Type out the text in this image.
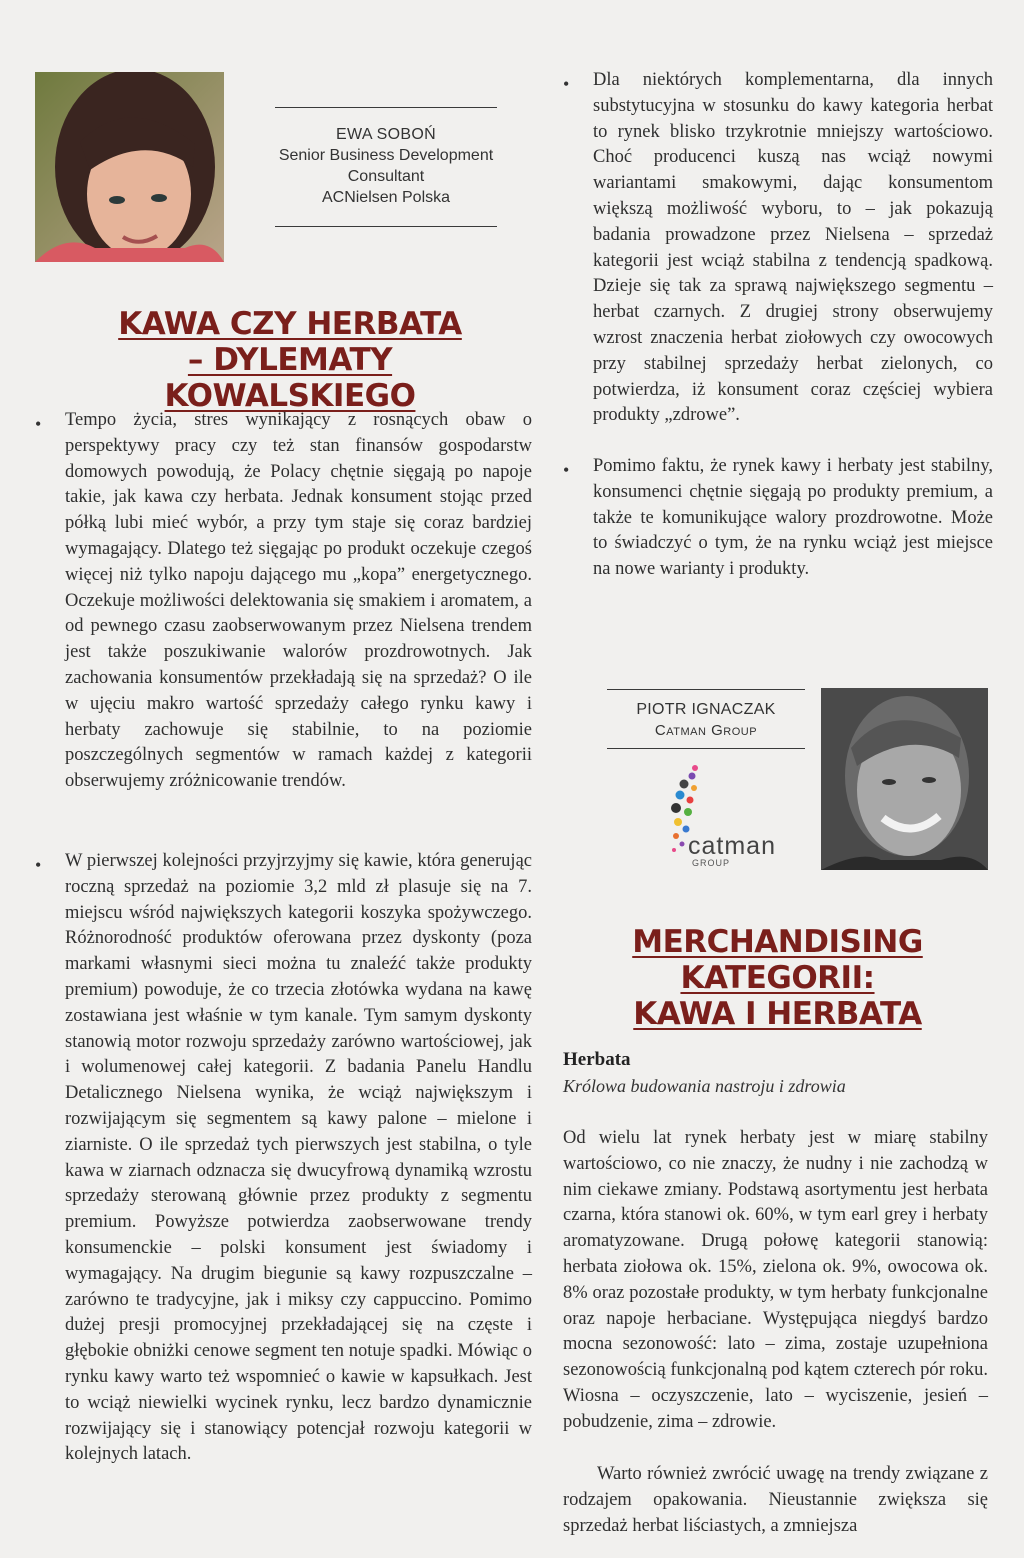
EWA SOBOŃ
Senior Business Development Consultant
ACNielsen Polska
KAWA CZY HERBATA
– DYLEMATY KOWALSKIEGO
• Tempo życia, stres wynikający z rosnących obaw o perspektywy pracy czy też stan finansów gospodarstw domowych powodują, że Polacy chętnie sięgają po napoje takie, jak kawa czy herbata. Jednak konsument stojąc przed półką lubi mieć wybór, a przy tym staje się coraz bardziej wymagający. Dlatego też sięgając po produkt oczekuje czegoś więcej niż tylko napoju dającego mu „kopa” energetycznego. Oczekuje możliwości delektowania się smakiem i aromatem, a od pewnego czasu zaobserwowanym przez Nielsena trendem jest także poszukiwanie walorów prozdrowotnych. Jak zachowania konsumentów przekładają się na sprzedaż? O ile w ujęciu makro wartość sprzedaży całego rynku kawy i herbaty zachowuje się stabilnie, to na poziomie poszczególnych segmentów w ramach każdej z kategorii obserwujemy zróżnicowanie trendów.
• W pierwszej kolejności przyjrzyjmy się kawie, która generując roczną sprzedaż na poziomie 3,2 mld zł plasuje się na 7. miejscu wśród największych kategorii koszyka spożywczego. Różnorodność produktów oferowana przez dyskonty (poza markami własnymi sieci można tu znaleźć także produkty premium) powoduje, że co trzecia złotówka wydana na kawę zostawiana jest właśnie w tym kanale. Tym samym dyskonty stanowią motor rozwoju sprzedaży zarówno wartościowej, jak i wolumenowej całej kategorii. Z badania Panelu Handlu Detalicznego Nielsena wynika, że wciąż największym i rozwijającym się segmentem są kawy palone – mielone i ziarniste. O ile sprzedaż tych pierwszych jest stabilna, o tyle kawa w ziarnach odznacza się dwucyfrową dynamiką wzrostu sprzedaży sterowaną głównie przez produkty z segmentu premium. Powyższe potwierdza zaobserwowane trendy konsumenckie – polski konsument jest świadomy i wymagający. Na drugim biegunie są kawy rozpuszczalne – zarówno te tradycyjne, jak i miksy czy cappuccino. Pomimo dużej presji promocyjnej przekładającej się na częste i głębokie obniżki cenowe segment ten notuje spadki. Mówiąc o rynku kawy warto też wspomnieć o kawie w kapsułkach. Jest to wciąż niewielki wycinek rynku, lecz bardzo dynamicznie rozwijający się i stanowiący potencjał rozwoju kategorii w kolejnych latach.
• Dla niektórych komplementarna, dla innych substytucyjna w stosunku do kawy kategoria herbat to rynek blisko trzykrotnie mniejszy wartościowo. Choć producenci kuszą nas wciąż nowymi wariantami smakowymi, dając konsumentom większą możliwość wyboru, to – jak pokazują badania prowadzone przez Nielsena – sprzedaż kategorii jest wciąż stabilna z tendencją spadkową. Dzieje się tak za sprawą największego segmentu – herbat czarnych. Z drugiej strony obserwujemy wzrost znaczenia herbat ziołowych czy owocowych przy stabilnej sprzedaży herbat zielonych, co potwierdza, iż konsument coraz częściej wybiera produkty „zdrowe”.
• Pomimo faktu, że rynek kawy i herbaty jest stabilny, konsumenci chętnie sięgają po produkty premium, a także te komunikujące walory prozdrowotne. Może to świadczyć o tym, że na rynku wciąż jest miejsce na nowe warianty i produkty.
PIOTR IGNACZAK
Catman Group
catman
GROUP
MERCHANDISING KATEGORII:
KAWA I HERBATA
Herbata
Królowa budowania nastroju i zdrowia
Od wielu lat rynek herbaty jest w miarę stabilny wartościowo, co nie znaczy, że nudny i nie zachodzą w nim ciekawe zmiany. Podstawą asortymentu jest herbata czarna, która stanowi ok. 60%, w tym earl grey i herbaty aromatyzowane. Drugą połowę kategorii stanowią: herbata ziołowa ok. 15%, zielona ok. 9%, owocowa ok. 8% oraz pozostałe produkty, w tym herbaty funkcjonalne oraz napoje herbaciane. Występująca niegdyś bardzo mocna sezonowość: lato – zima, zostaje uzupełniona sezonowością funkcjonalną pod kątem czterech pór roku. Wiosna – oczyszczenie, lato – wyciszenie, jesień – pobudzenie, zima – zdrowie.
Warto również zwrócić uwagę na trendy związane z rodzajem opakowania. Nieustannie zwiększa się sprzedaż herbat liściastych, a zmniejsza
